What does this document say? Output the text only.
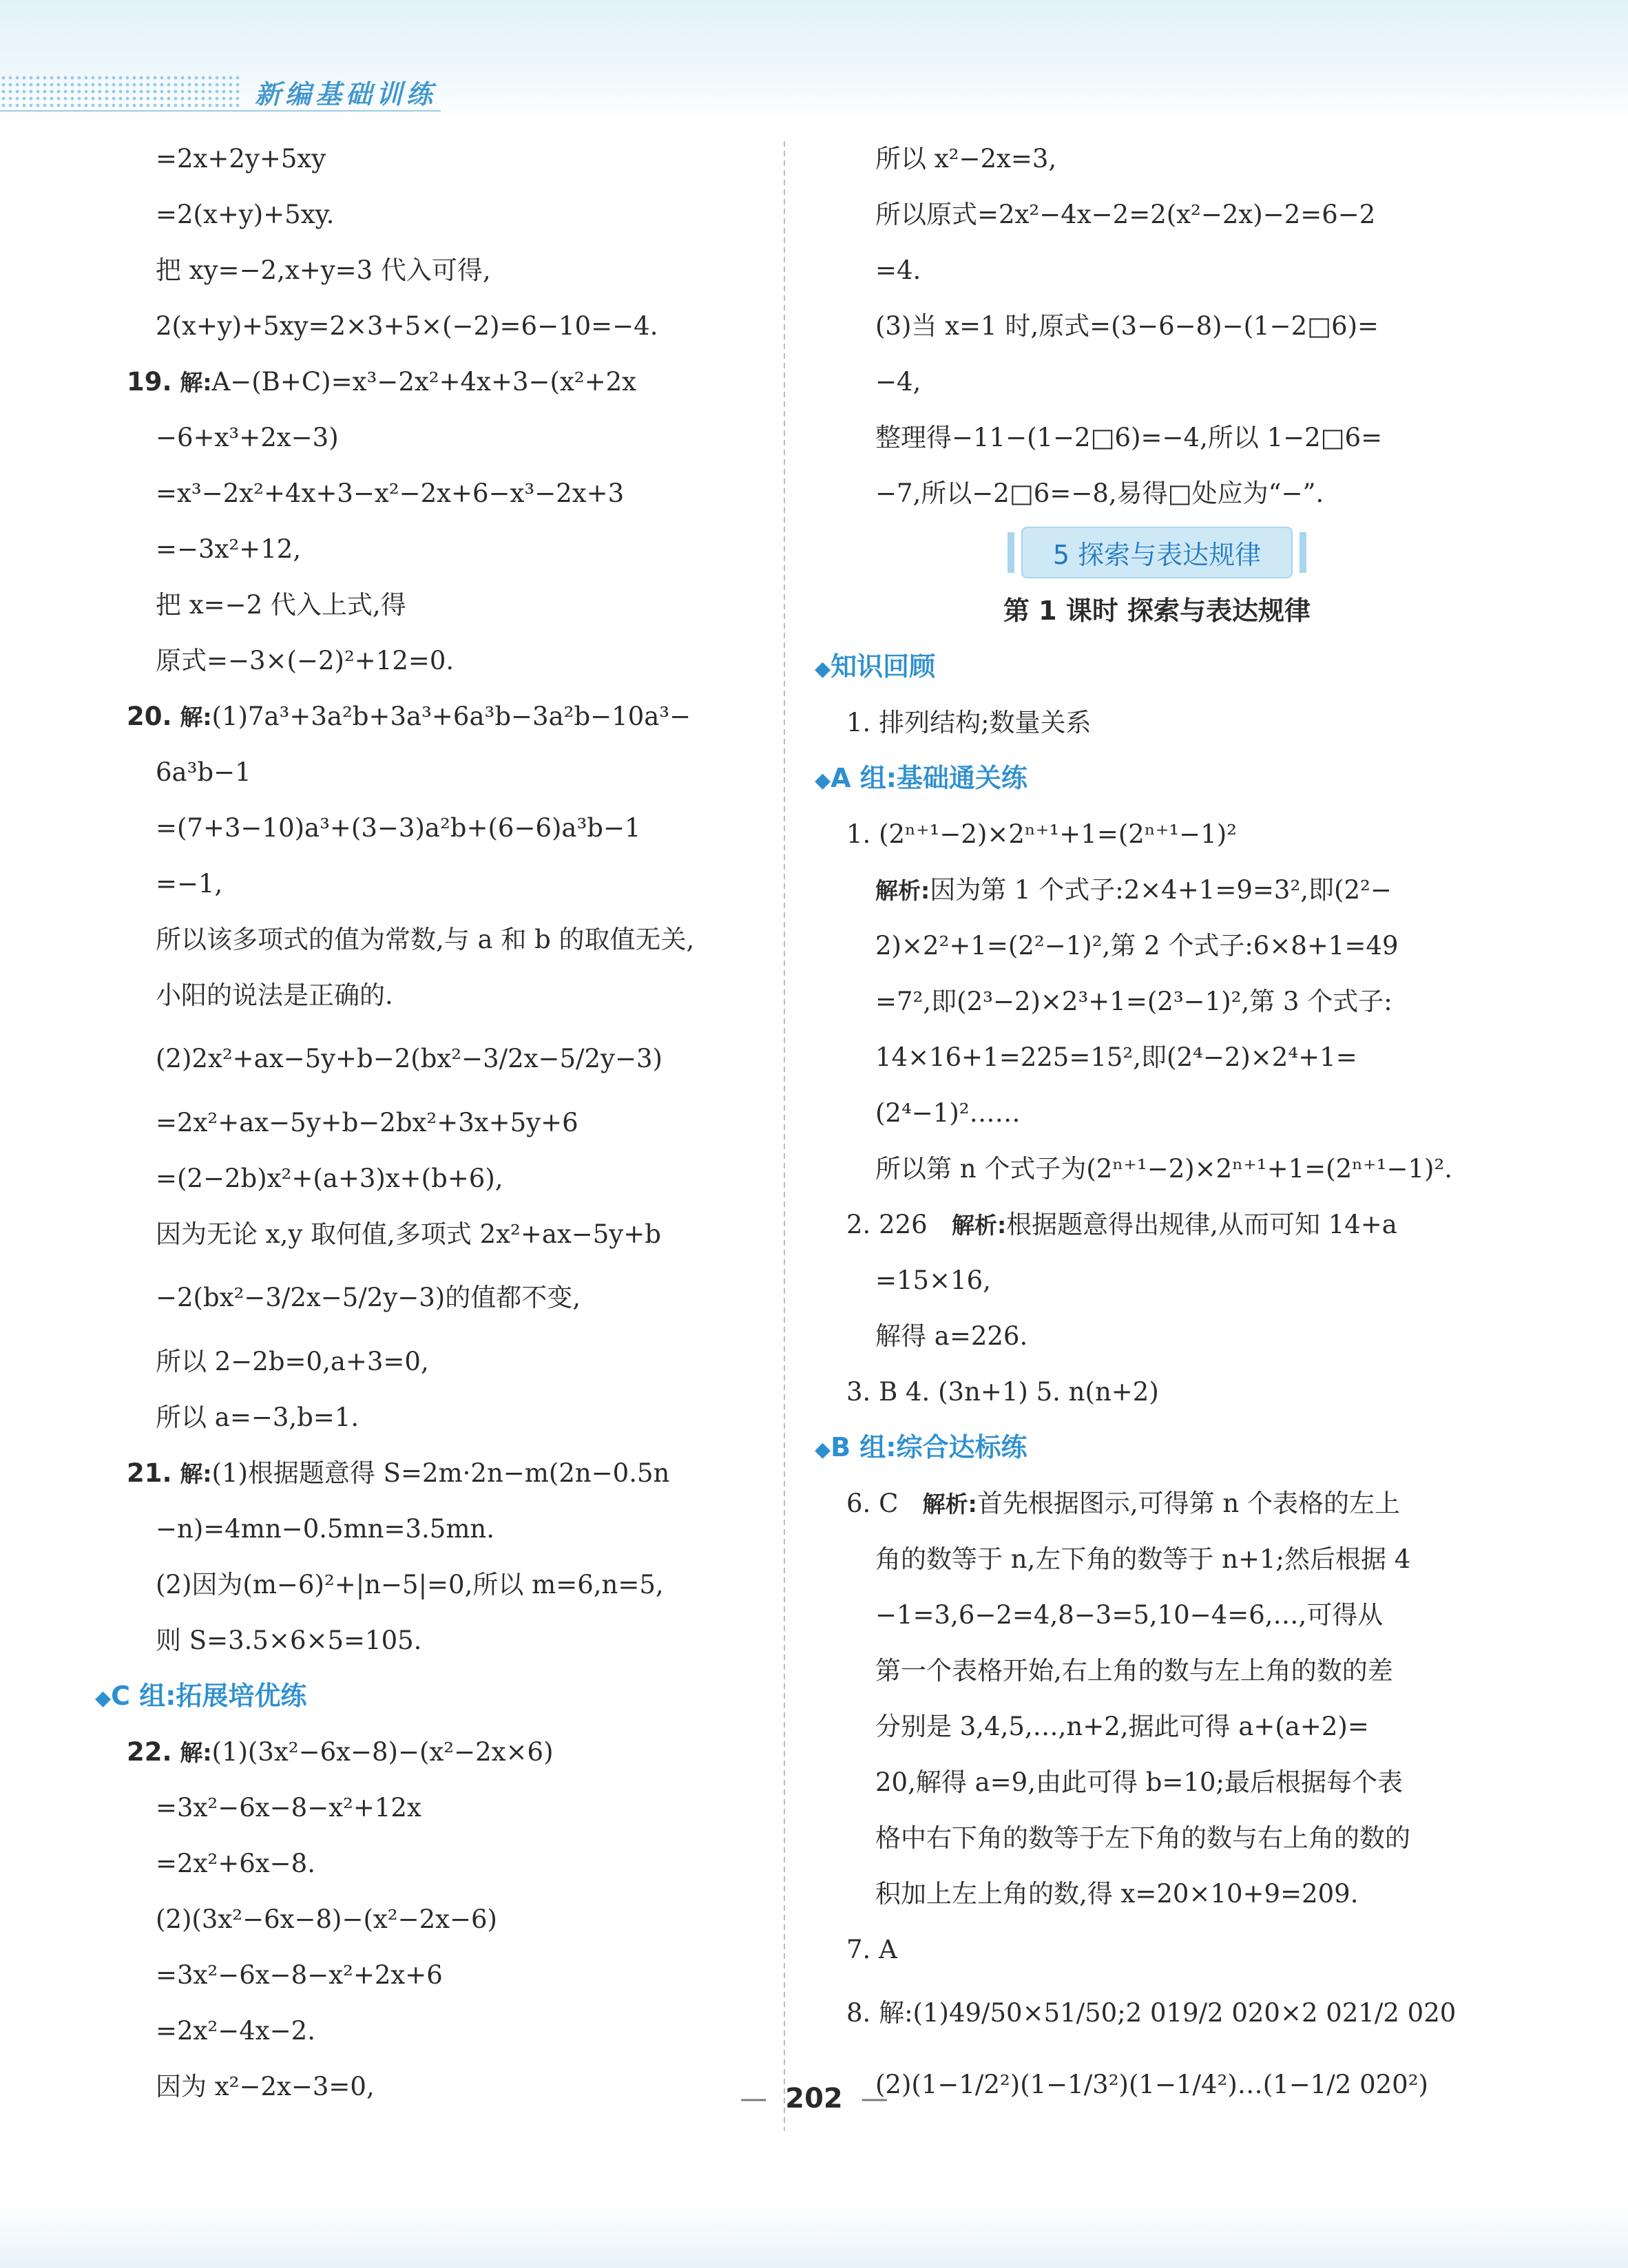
新编基础训练
=2x+2y+5xy
=2(x+y)+5xy.
把 xy=−2,x+y=3 代入可得,
2(x+y)+5xy=2×3+5×(−2)=6−10=−4.
19. 解:A−(B+C)=x³−2x²+4x+3−(x²+2x
−6+x³+2x−3)
=x³−2x²+4x+3−x²−2x+6−x³−2x+3
=−3x²+12,
把 x=−2 代入上式,得
原式=−3×(−2)²+12=0.
20. 解:(1)7a³+3a²b+3a³+6a³b−3a²b−10a³−
6a³b−1
=(7+3−10)a³+(3−3)a²b+(6−6)a³b−1
=−1,
所以该多项式的值为常数,与 a 和 b 的取值无关,
小阳的说法是正确的.
(2)2x²+ax−5y+b−2(bx²−3/2x−5/2y−3)
=2x²+ax−5y+b−2bx²+3x+5y+6
=(2−2b)x²+(a+3)x+(b+6),
因为无论 x,y 取何值,多项式 2x²+ax−5y+b
−2(bx²−3/2x−5/2y−3)的值都不变,
所以 2−2b=0,a+3=0,
所以 a=−3,b=1.
21. 解:(1)根据题意得 S=2m·2n−m(2n−0.5n
−n)=4mn−0.5mn=3.5mn.
(2)因为(m−6)²+|n−5|=0,所以 m=6,n=5,
则 S=3.5×6×5=105.
◆C 组:拓展培优练
22. 解:(1)(3x²−6x−8)−(x²−2x×6)
=3x²−6x−8−x²+12x
=2x²+6x−8.
(2)(3x²−6x−8)−(x²−2x−6)
=3x²−6x−8−x²+2x+6
=2x²−4x−2.
因为 x²−2x−3=0,
所以 x²−2x=3,
所以原式=2x²−4x−2=2(x²−2x)−2=6−2
=4.
(3)当 x=1 时,原式=(3−6−8)−(1−2□6)=
−4,
整理得−11−(1−2□6)=−4,所以 1−2□6=
−7,所以−2□6=−8,易得□处应为“−”.
5 探索与表达规律
第 1 课时 探索与表达规律
◆知识回顾
1. 排列结构;数量关系
◆A 组:基础通关练
1. (2ⁿ⁺¹−2)×2ⁿ⁺¹+1=(2ⁿ⁺¹−1)²
解析:因为第 1 个式子:2×4+1=9=3²,即(2²−
2)×2²+1=(2²−1)²,第 2 个式子:6×8+1=49
=7²,即(2³−2)×2³+1=(2³−1)²,第 3 个式子:
14×16+1=225=15²,即(2⁴−2)×2⁴+1=
(2⁴−1)²……
所以第 n 个式子为(2ⁿ⁺¹−2)×2ⁿ⁺¹+1=(2ⁿ⁺¹−1)².
2. 226 解析:根据题意得出规律,从而可知 14+a
=15×16,
解得 a=226.
3. B 4. (3n+1) 5. n(n+2)
◆B 组:综合达标练
6. C 解析:首先根据图示,可得第 n 个表格的左上
角的数等于 n,左下角的数等于 n+1;然后根据 4
−1=3,6−2=4,8−3=5,10−4=6,…,可得从
第一个表格开始,右上角的数与左上角的数的差
分别是 3,4,5,…,n+2,据此可得 a+(a+2)=
20,解得 a=9,由此可得 b=10;最后根据每个表
格中右下角的数等于左下角的数与右上角的数的
积加上左上角的数,得 x=20×10+9=209.
7. A
8. 解:(1)49/50×51/50;2 019/2 020×2 021/2 020
(2)(1−1/2²)(1−1/3²)(1−1/4²)…(1−1/2 020²)
— 202 —
